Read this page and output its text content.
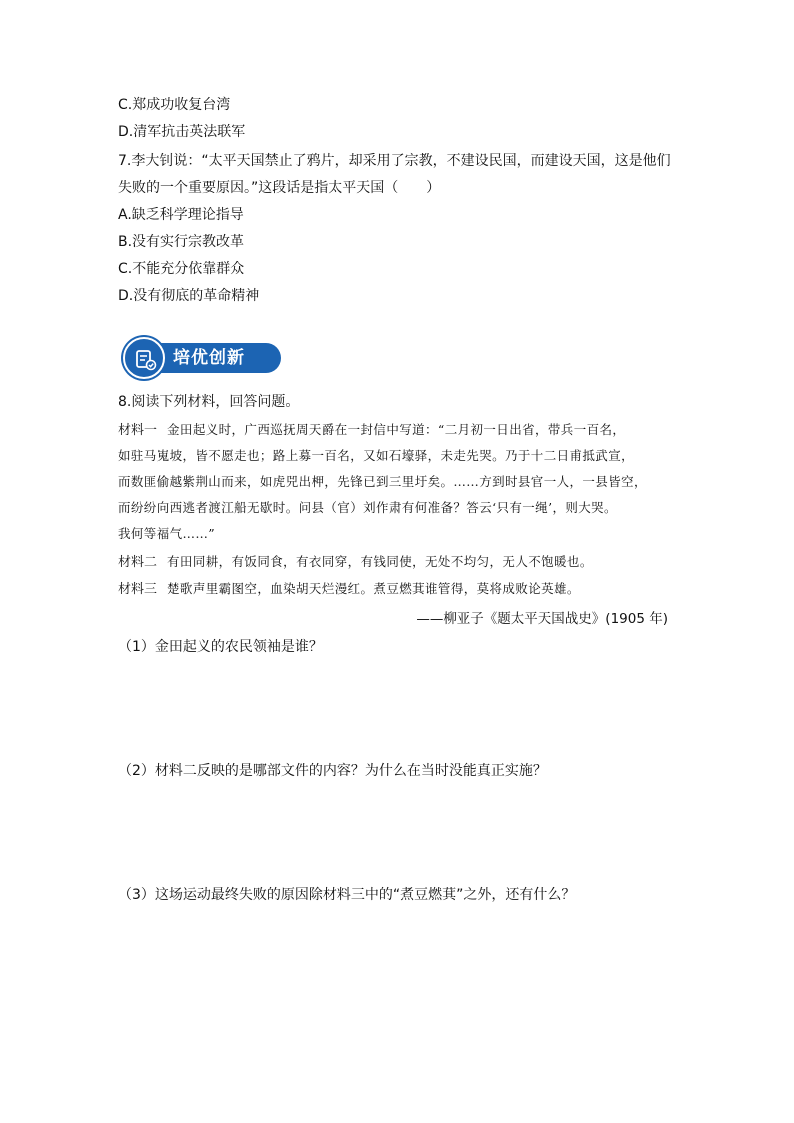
C.郑成功收复台湾
D.清军抗击英法联军
7.李大钊说：“太平天国禁止了鸦片，却采用了宗教，不建设民国，而建设天国，这是他们
失败的一个重要原因。”这段话是指太平天国（　　）
A.缺乏科学理论指导
B.没有实行宗教改革
C.不能充分依靠群众
D.没有彻底的革命精神
培优创新
8.阅读下列材料，回答问题。
材料一 金田起义时，广西巡抚周天爵在一封信中写道：“二月初一日出省，带兵一百名，
如驻马嵬坡，皆不愿走也；路上募一百名，又如石壕驿，未走先哭。乃于十二日甫抵武宣，
而数匪偷越紫荆山而来，如虎兕出柙，先锋已到三里圩矣。……方到时县官一人，一县皆空，
而纷纷向西逃者渡江船无歇时。问县（官）刘作肃有何准备？答云‘只有一绳’，则大哭。
我何等福气……”
材料二 有田同耕，有饭同食，有衣同穿，有钱同使，无处不均匀，无人不饱暖也。
材料三 楚歌声里霸图空，血染胡天烂漫红。煮豆燃萁谁管得，莫将成败论英雄。
——柳亚子《题太平天国战史》(1905 年)
（1）金田起义的农民领袖是谁？
（2）材料二反映的是哪部文件的内容？为什么在当时没能真正实施？
（3）这场运动最终失败的原因除材料三中的“煮豆燃萁”之外，还有什么？
